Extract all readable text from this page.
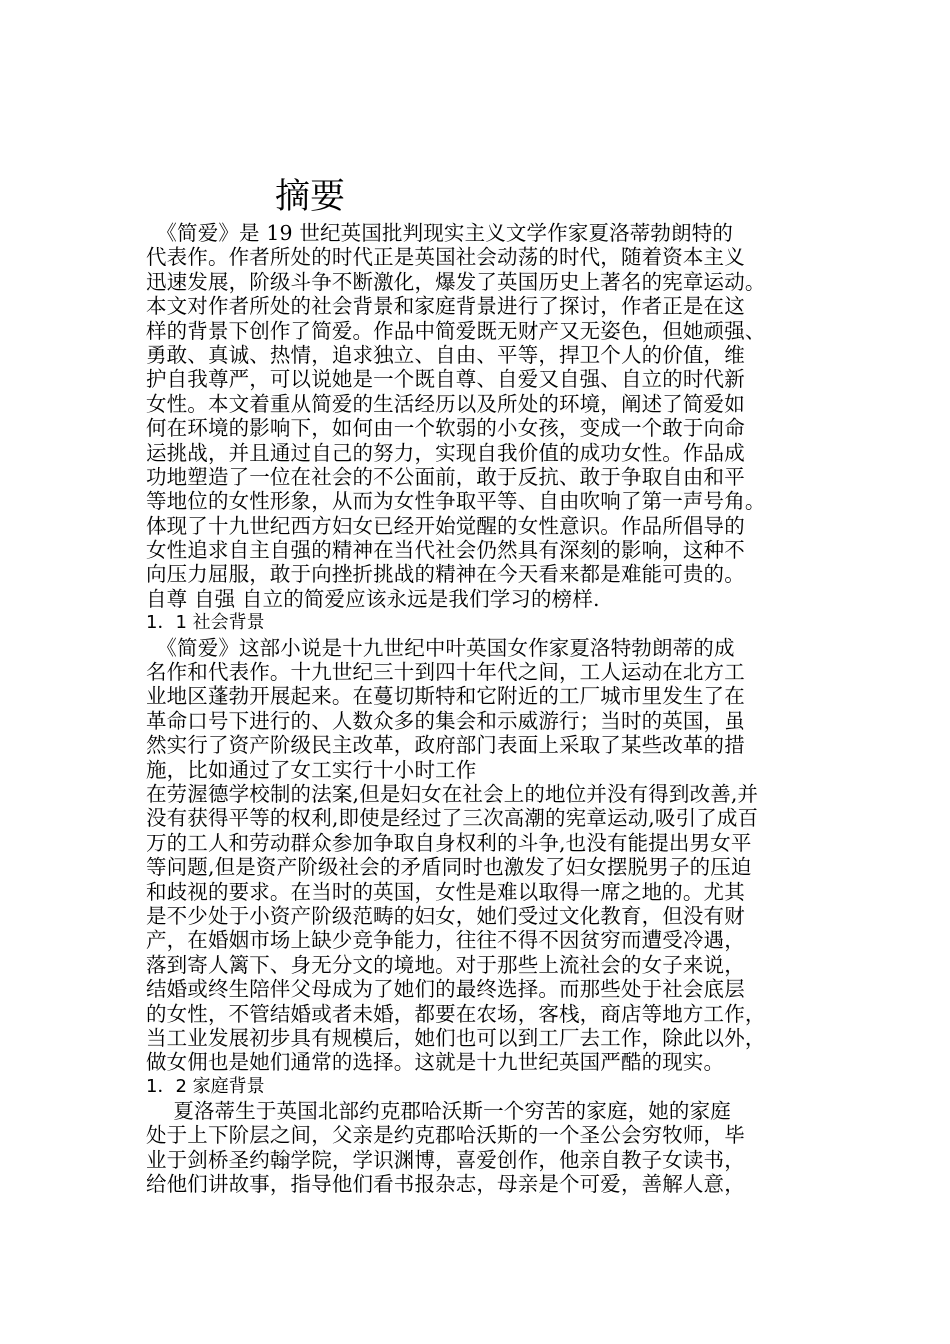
摘要
　《简爱》是 19 世纪英国批判现实主义文学作家夏洛蒂勃朗特的
代表作。作者所处的时代正是英国社会动荡的时代，随着资本主义
迅速发展，阶级斗争不断激化，爆发了英国历史上著名的宪章运动。
本文对作者所处的社会背景和家庭背景进行了探讨，作者正是在这
样的背景下创作了简爱。作品中简爱既无财产又无姿色，但她顽强、
勇敢、真诚、热情，追求独立、自由、平等，捍卫个人的价值，维
护自我尊严，可以说她是一个既自尊、自爱又自强、自立的时代新
女性。本文着重从简爱的生活经历以及所处的环境，阐述了简爱如
何在环境的影响下，如何由一个软弱的小女孩，变成一个敢于向命
运挑战，并且通过自己的努力，实现自我价值的成功女性。作品成
功地塑造了一位在社会的不公面前，敢于反抗、敢于争取自由和平
等地位的女性形象，从而为女性争取平等、自由吹响了第一声号角。
体现了十九世纪西方妇女已经开始觉醒的女性意识。作品所倡导的
女性追求自主自强的精神在当代社会仍然具有深刻的影响，这种不
向压力屈服，敢于向挫折挑战的精神在今天看来都是难能可贵的。
自尊 自强 自立的简爱应该永远是我们学习的榜样.
1．1 社会背景
　《简爱》这部小说是十九世纪中叶英国女作家夏洛特勃朗蒂的成
名作和代表作。十九世纪三十到四十年代之间，工人运动在北方工
业地区蓬勃开展起来。在蔓切斯特和它附近的工厂城市里发生了在
革命口号下进行的、人数众多的集会和示威游行；当时的英国，虽
然实行了资产阶级民主改革，政府部门表面上采取了某些改革的措
施，比如通过了女工实行十小时工作
在劳渥德学校制的法案,但是妇女在社会上的地位并没有得到改善,并
没有获得平等的权利,即使是经过了三次高潮的宪章运动,吸引了成百
万的工人和劳动群众参加争取自身权利的斗争,也没有能提出男女平
等问题,但是资产阶级社会的矛盾同时也激发了妇女摆脱男子的压迫
和歧视的要求。在当时的英国，女性是难以取得一席之地的。尤其
是不少处于小资产阶级范畴的妇女，她们受过文化教育，但没有财
产，在婚姻市场上缺少竞争能力，往往不得不因贫穷而遭受冷遇，
落到寄人篱下、身无分文的境地。对于那些上流社会的女子来说，
结婚或终生陪伴父母成为了她们的最终选择。而那些处于社会底层
的女性，不管结婚或者未婚，都要在农场，客栈，商店等地方工作，
当工业发展初步具有规模后，她们也可以到工厂去工作，除此以外，
做女佣也是她们通常的选择。这就是十九世纪英国严酷的现实。
1．2 家庭背景
　 夏洛蒂生于英国北部约克郡哈沃斯一个穷苦的家庭，她的家庭
处于上下阶层之间，父亲是约克郡哈沃斯的一个圣公会穷牧师，毕
业于剑桥圣约翰学院，学识渊博，喜爱创作，他亲自教子女读书，
给他们讲故事，指导他们看书报杂志，母亲是个可爱，善解人意，
